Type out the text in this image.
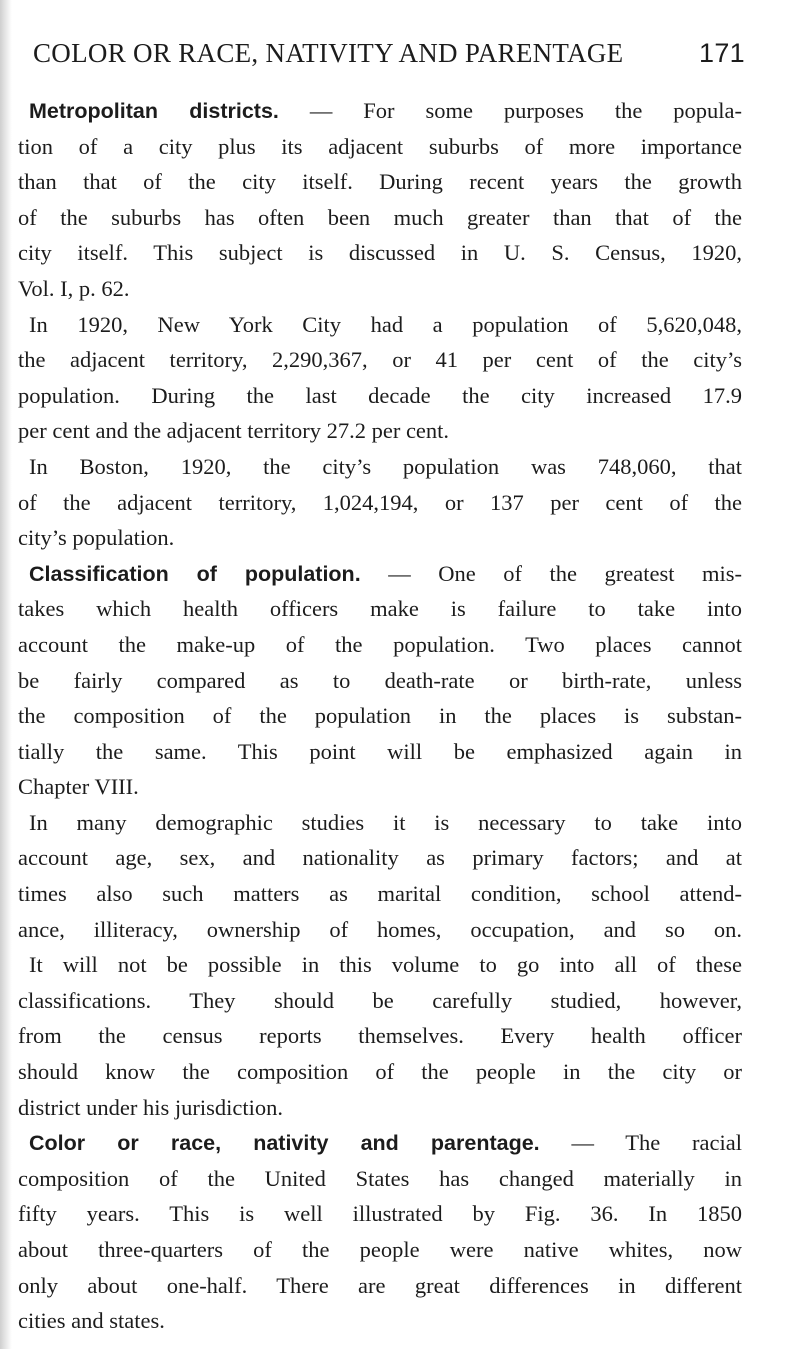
COLOR OR RACE, NATIVITY AND PARENTAGE	171
Metropolitan districts. — For some purposes the popula-
tion of a city plus its adjacent suburbs of more importance
than that of the city itself. During recent years the growth
of the suburbs has often been much greater than that of the
city itself. This subject is discussed in U. S. Census, 1920,
Vol. I, p. 62.
In 1920, New York City had a population of 5,620,048,
the adjacent territory, 2,290,367, or 41 per cent of the city’s
population. During the last decade the city increased 17.9
per cent and the adjacent territory 27.2 per cent.
In Boston, 1920, the city’s population was 748,060, that
of the adjacent territory, 1,024,194, or 137 per cent of the
city’s population.
Classification of population. — One of the greatest mis-
takes which health officers make is failure to take into
account the make-up of the population. Two places cannot
be fairly compared as to death-rate or birth-rate, unless
the composition of the population in the places is substan-
tially the same. This point will be emphasized again in
Chapter VIII.
In many demographic studies it is necessary to take into
account age, sex, and nationality as primary factors; and at
times also such matters as marital condition, school attend-
ance, illiteracy, ownership of homes, occupation, and so on.
It will not be possible in this volume to go into all of these
classifications. They should be carefully studied, however,
from the census reports themselves. Every health officer
should know the composition of the people in the city or
district under his jurisdiction.
Color or race, nativity and parentage. — The racial
composition of the United States has changed materially in
fifty years. This is well illustrated by Fig. 36. In 1850
about three-quarters of the people were native whites, now
only about one-half. There are great differences in different
cities and states.
